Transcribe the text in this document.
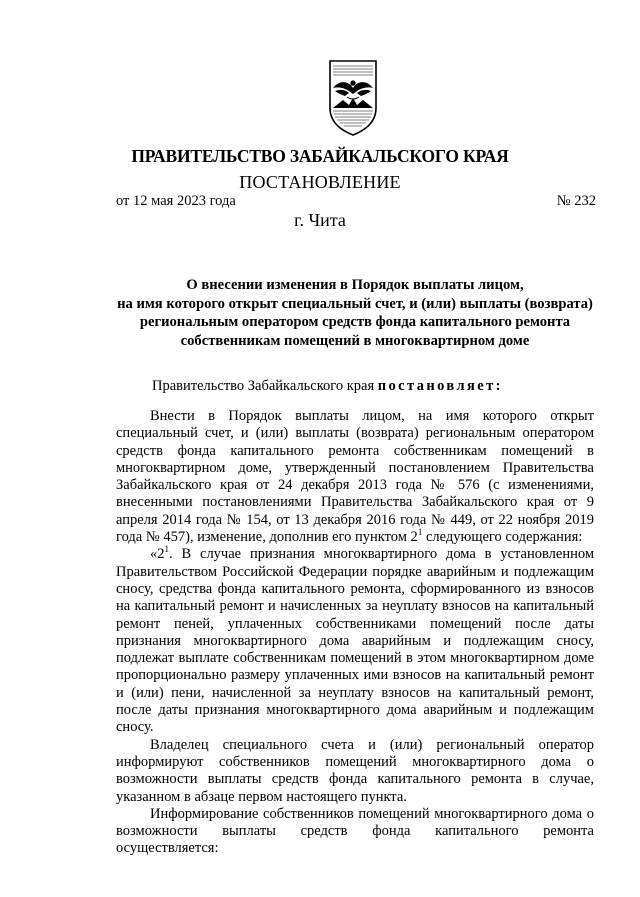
ПРАВИТЕЛЬСТВО ЗАБАЙКАЛЬСКОГО КРАЯ
ПОСТАНОВЛЕНИЕ
от 12 мая 2023 года	№ 232
г. Чита
О внесении изменения в Порядок выплаты лицом,
на имя которого открыт специальный счет, и (или) выплаты (возврата)
региональным оператором средств фонда капитального ремонта
собственникам помещений в многоквартирном доме
Правительство Забайкальского края постановляет:

Внести в Порядок выплаты лицом, на имя которого открыт специальный счет, и (или) выплаты (возврата) региональным оператором средств фонда капитального ремонта собственникам помещений в многоквартирном доме, утвержденный постановлением Правительства Забайкальского края от 24 декабря 2013 года № 576 (с изменениями, внесенными постановлениями Правительства Забайкальского края от 9 апреля 2014 года № 154, от 13 декабря 2016 года № 449, от 22 ноября 2019 года № 457), изменение, дополнив его пунктом $2^1$ следующего содержания:

«$2^1$. В случае признания многоквартирного дома в установленном Правительством Российской Федерации порядке аварийным и подлежащим сносу, средства фонда капитального ремонта, сформированного из взносов на капитальный ремонт и начисленных за неуплату взносов на капитальный ремонт пеней, уплаченных собственниками помещений после даты признания многоквартирного дома аварийным и подлежащим сносу, подлежат выплате собственникам помещений в этом многоквартирном доме пропорционально размеру уплаченных ими взносов на капитальный ремонт и (или) пени, начисленной за неуплату взносов на капитальный ремонт, после даты признания многоквартирного дома аварийным и подлежащим сносу.

Владелец специального счета и (или) региональный оператор информируют собственников помещений многоквартирного дома о возможности выплаты средств фонда капитального ремонта в случае, указанном в абзаце первом настоящего пункта.

Информирование собственников помещений многоквартирного дома о возможности выплаты средств фонда капитального ремонта осуществляется:
